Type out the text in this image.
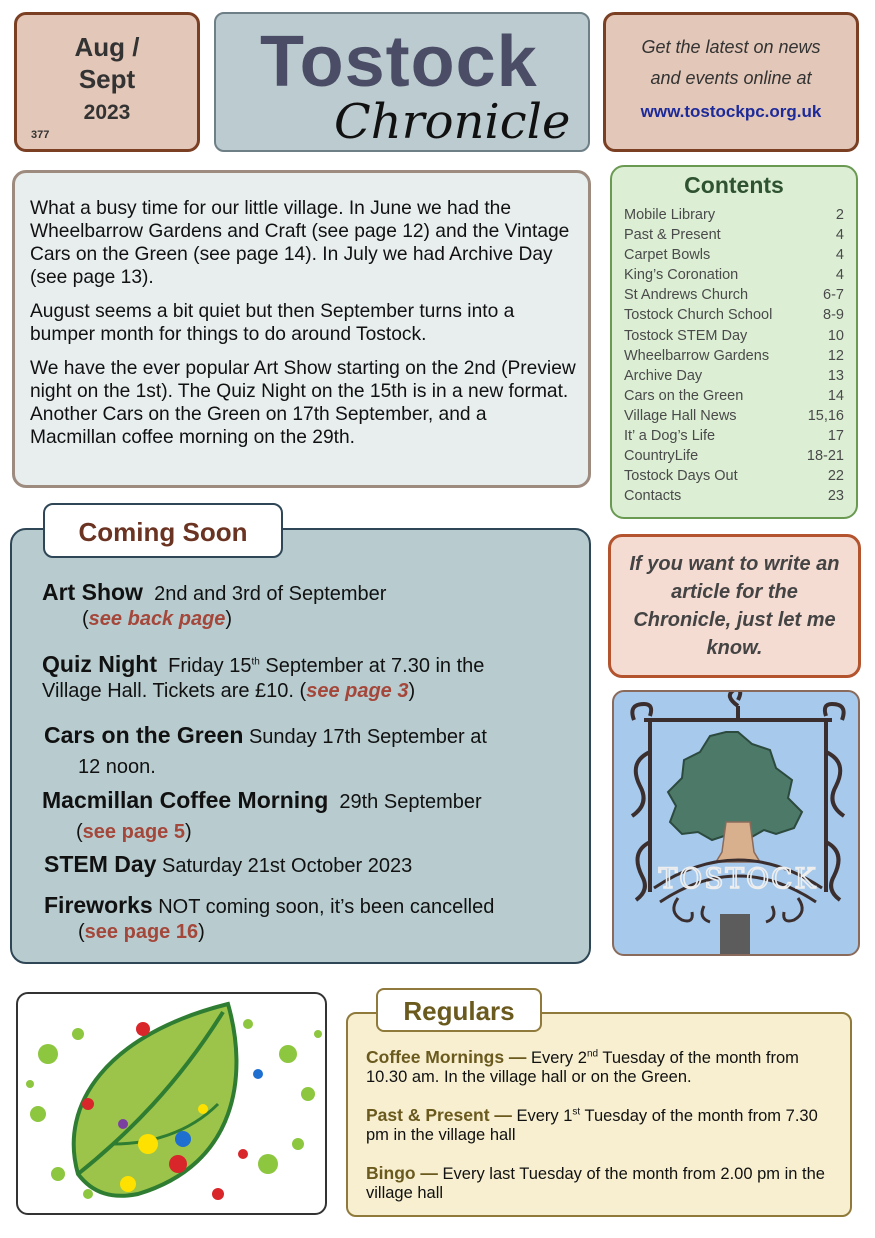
Aug /
Sept
2023
377
Tostock
Chronicle
Get the latest on news
and events online at
www.tostockpc.org.uk

What a busy time for our little village. In June we had the Wheelbarrow Gardens and Craft (see page 12) and the Vintage Cars on the Green (see page 14). In July we had Archive Day (see page 13).

August seems a bit quiet but then September turns into a bumper month for things to do around Tostock.

We have the ever popular Art Show starting on the 2nd (Preview night on the 1st). The Quiz Night on the 15th is in a new format. Another Cars on the Green on 17th September, and a Macmillan coffee morning on the 29th.

Contents
Mobile Library	2
Past & Present	4
Carpet Bowls	4
King’s Coronation	4
St Andrews Church	6-7
Tostock Church School	8-9
Tostock STEM Day	10
Wheelbarrow Gardens	12
Archive Day	13
Cars on the Green	14
Village Hall News	15,16
It’ a Dog’s Life	17
CountryLife	18-21
Tostock Days Out	22
Contacts	23
Art Show 2nd and 3rd of September
(see back page)
Quiz Night Friday 15th September at 7.30 in the
Village Hall. Tickets are £10. (see page 3)
Cars on the Green Sunday 17th September at
12 noon.
Macmillan Coffee Morning 29th September
(see page 5)
STEM Day Saturday 21st October 2023
Fireworks NOT coming soon, it’s been cancelled
(see page 16)
Coming Soon
If you want to write an
article for the
Chronicle, just let me
know.
TOSTOCK
Coffee Mornings — Every 2nd Tuesday of the month from 10.30 am. In the village hall or on the Green.
Past & Present — Every 1st Tuesday of the month from 7.30 pm in the village hall
Bingo — Every last Tuesday of the month from 2.00 pm in the village hall
Regulars
